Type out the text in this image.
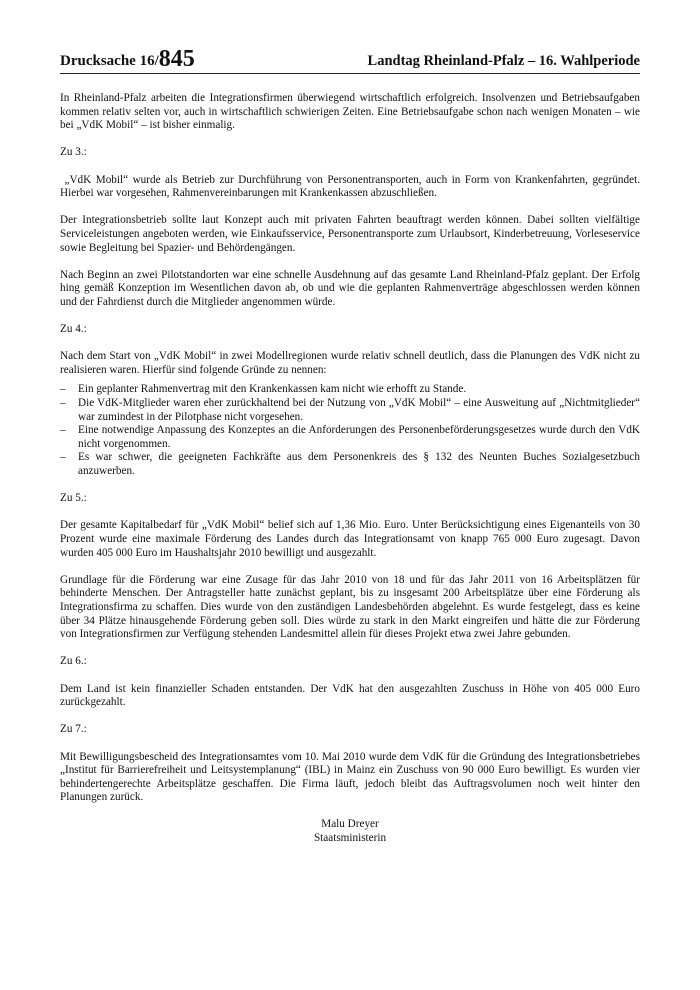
Drucksache 16/ 845	Landtag Rheinland-Pfalz – 16. Wahlperiode

In Rheinland-Pfalz arbeiten die Integrationsfirmen überwiegend wirtschaftlich erfolgreich. Insolvenzen und Betriebsaufgaben kommen relativ selten vor, auch in wirtschaftlich schwierigen Zeiten. Eine Betriebsaufgabe schon nach wenigen Monaten – wie bei „VdK Mobil“ – ist bisher einmalig.

Zu 3.:

„VdK Mobil“ wurde als Betrieb zur Durchführung von Personentransporten, auch in Form von Krankenfahrten, gegründet. Hierbei war vorgesehen, Rahmenvereinbarungen mit Krankenkassen abzuschließen.

Der Integrationsbetrieb sollte laut Konzept auch mit privaten Fahrten beauftragt werden können. Dabei sollten vielfältige Serviceleistungen angeboten werden, wie Einkaufsservice, Personentransporte zum Urlaubsort, Kinderbetreuung, Vorleseservice sowie Begleitung bei Spazier- und Behördengängen.

Nach Beginn an zwei Pilotstandorten war eine schnelle Ausdehnung auf das gesamte Land Rheinland-Pfalz geplant. Der Erfolg hing gemäß Konzeption im Wesentlichen davon ab, ob und wie die geplanten Rahmenverträge abgeschlossen werden können und der Fahrdienst durch die Mitglieder angenommen würde.

Zu 4.:

Nach dem Start von „VdK Mobil“ in zwei Modellregionen wurde relativ schnell deutlich, dass die Planungen des VdK nicht zu realisieren waren. Hierfür sind folgende Gründe zu nennen:

– Ein geplanter Rahmenvertrag mit den Krankenkassen kam nicht wie erhofft zu Stande.
– Die VdK-Mitglieder waren eher zurückhaltend bei der Nutzung von „VdK Mobil“ – eine Ausweitung auf „Nichtmitglieder“ war zumindest in der Pilotphase nicht vorgesehen.
– Eine notwendige Anpassung des Konzeptes an die Anforderungen des Personenbeförderungsgesetzes wurde durch den VdK nicht vorgenommen.
– Es war schwer, die geeigneten Fachkräfte aus dem Personenkreis des § 132 des Neunten Buches Sozialgesetzbuch anzuwerben.

Zu 5.:

Der gesamte Kapitalbedarf für „VdK Mobil“ belief sich auf 1,36 Mio. Euro. Unter Berücksichtigung eines Eigenanteils von 30 Prozent wurde eine maximale Förderung des Landes durch das Integrationsamt von knapp 765 000 Euro zugesagt. Davon wurden 405 000 Euro im Haushaltsjahr 2010 bewilligt und ausgezahlt.

Grundlage für die Förderung war eine Zusage für das Jahr 2010 von 18 und für das Jahr 2011 von 16 Arbeitsplätzen für behinderte Menschen. Der Antragsteller hatte zunächst geplant, bis zu insgesamt 200 Arbeitsplätze über eine Förderung als Integrationsfirma zu schaffen. Dies wurde von den zuständigen Landesbehörden abgelehnt. Es wurde festgelegt, dass es keine über 34 Plätze hinausgehende Förderung geben soll. Dies würde zu stark in den Markt eingreifen und hätte die zur Förderung von Integrationsfirmen zur Verfügung stehenden Landesmittel allein für dieses Projekt etwa zwei Jahre gebunden.

Zu 6.:

Dem Land ist kein finanzieller Schaden entstanden. Der VdK hat den ausgezahlten Zuschuss in Höhe von 405 000 Euro zurückgezahlt.

Zu 7.:

Mit Bewilligungsbescheid des Integrationsamtes vom 10. Mai 2010 wurde dem VdK für die Gründung des Integrationsbetriebes „Institut für Barrierefreiheit und Leitsystemplanung“ (IBL) in Mainz ein Zuschuss von 90 000 Euro bewilligt. Es wurden vier behindertengerechte Arbeitsplätze geschaffen. Die Firma läuft, jedoch bleibt das Auftragsvolumen noch weit hinter den Planungen zurück.

Malu Dreyer
Staatsministerin
